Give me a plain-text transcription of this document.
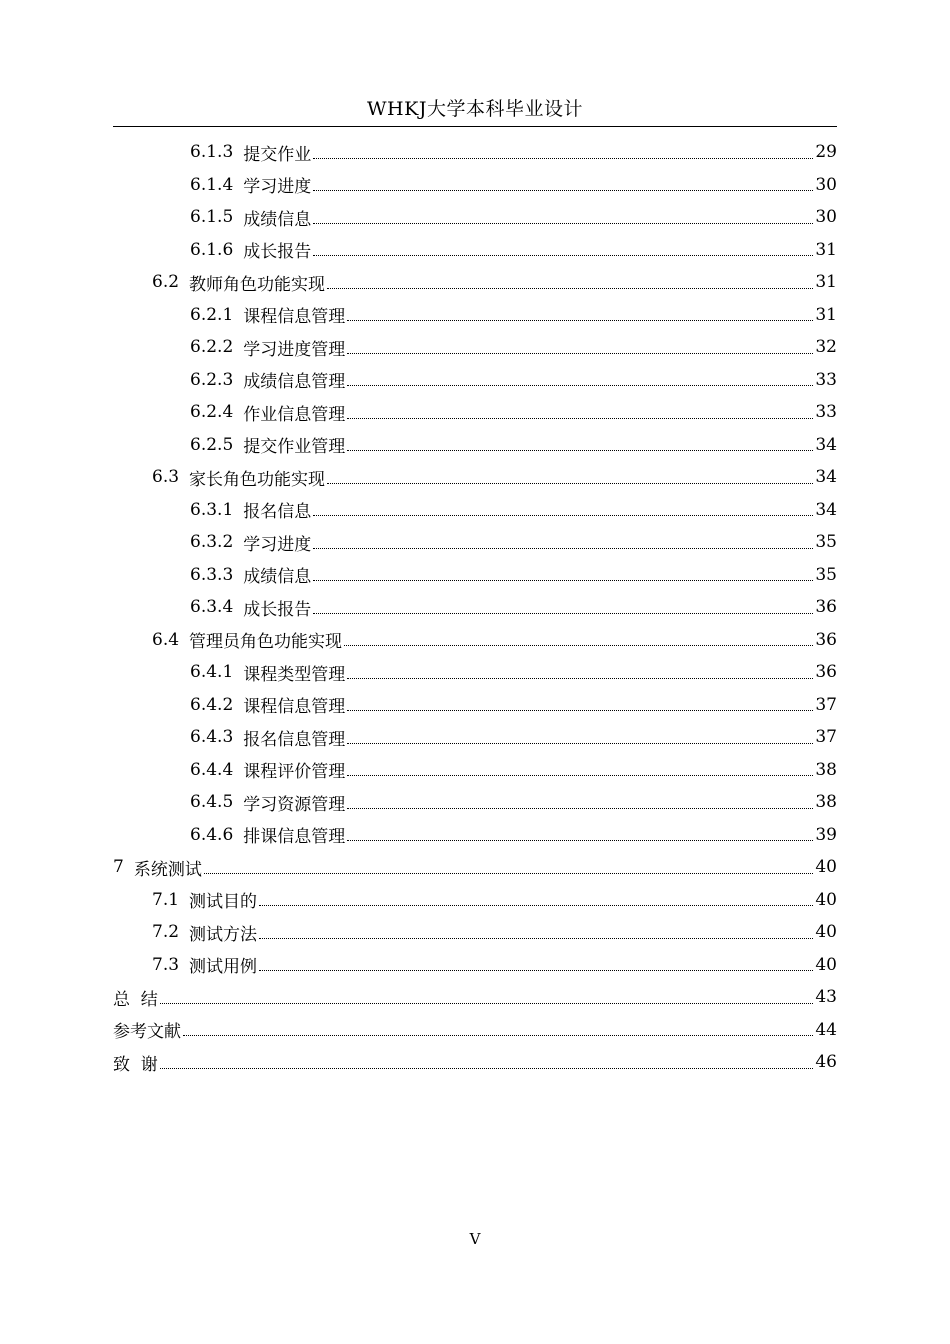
WHKJ大学本科毕业设计
6.1.3 提交作业	29
6.1.4 学习进度	30
6.1.5 成绩信息	30
6.1.6 成长报告	31
6.2 教师角色功能实现	31
6.2.1 课程信息管理	31
6.2.2 学习进度管理	32
6.2.3 成绩信息管理	33
6.2.4 作业信息管理	33
6.2.5 提交作业管理	34
6.3 家长角色功能实现	34
6.3.1 报名信息	34
6.3.2 学习进度	35
6.3.3 成绩信息	35
6.3.4 成长报告	36
6.4 管理员角色功能实现	36
6.4.1 课程类型管理	36
6.4.2 课程信息管理	37
6.4.3 报名信息管理	37
6.4.4 课程评价管理	38
6.4.5 学习资源管理	38
6.4.6 排课信息管理	39
7 系统测试	40
7.1 测试目的	40
7.2 测试方法	40
7.3 测试用例	40
总  结	43
参考文献	44
致  谢	46
V
